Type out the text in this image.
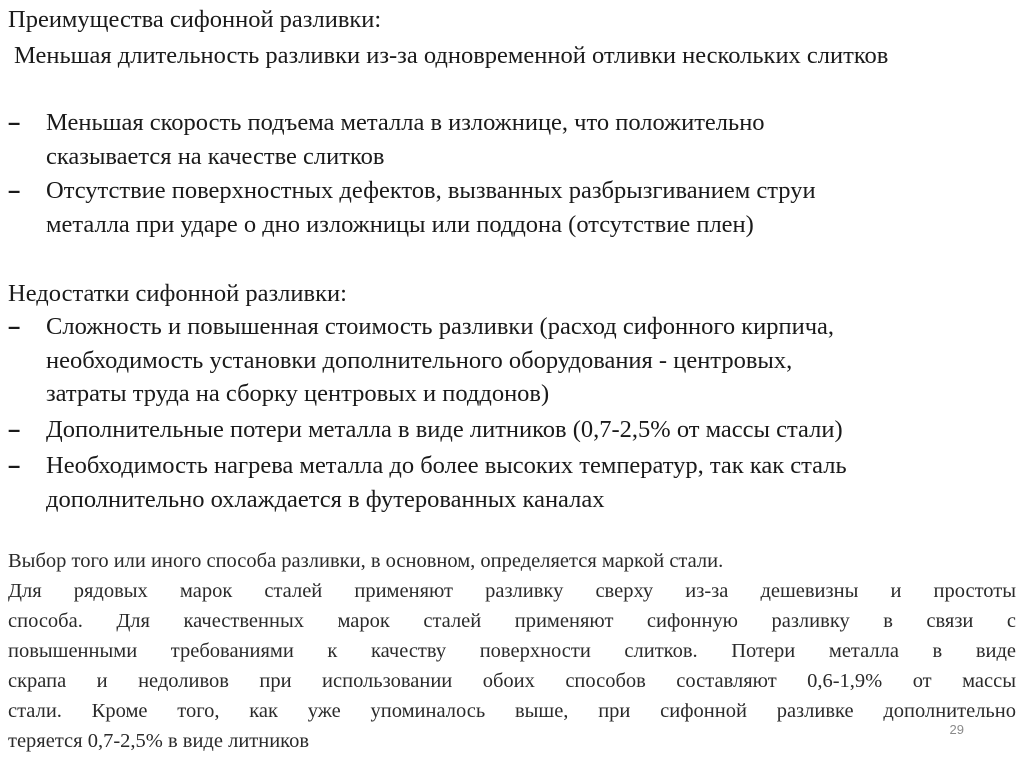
Преимущества сифонной разливки:
Меньшая длительность разливки из-за одновременной отливки нескольких слитков
–	Меньшая скорость подъема металла в изложнице, что положительно
сказывается на качестве слитков
–	Отсутствие поверхностных дефектов, вызванных разбрызгиванием струи
металла при ударе о дно изложницы или поддона (отсутствие плен)
Недостатки сифонной разливки:
–	Сложность и повышенная стоимость разливки (расход сифонного кирпича,
необходимость установки дополнительного оборудования - центровых,
затраты труда на сборку центровых и поддонов)
–	Дополнительные потери металла в виде литников (0,7-2,5% от массы стали)
–	Необходимость нагрева металла до более высоких температур, так как сталь
дополнительно охлаждается в футерованных каналах
Выбор того или иного способа разливки, в основном, определяется маркой стали.
Для рядовых марок сталей применяют разливку сверху из-за дешевизны и простоты
способа. Для качественных марок сталей применяют сифонную разливку в связи с
повышенными требованиями к качеству поверхности слитков. Потери металла в виде
скрапа и недоливов при использовании обоих способов составляют 0,6-1,9% от массы
стали. Кроме того, как уже упоминалось выше, при сифонной разливке дополнительно
теряется 0,7-2,5% в виде литников
29
